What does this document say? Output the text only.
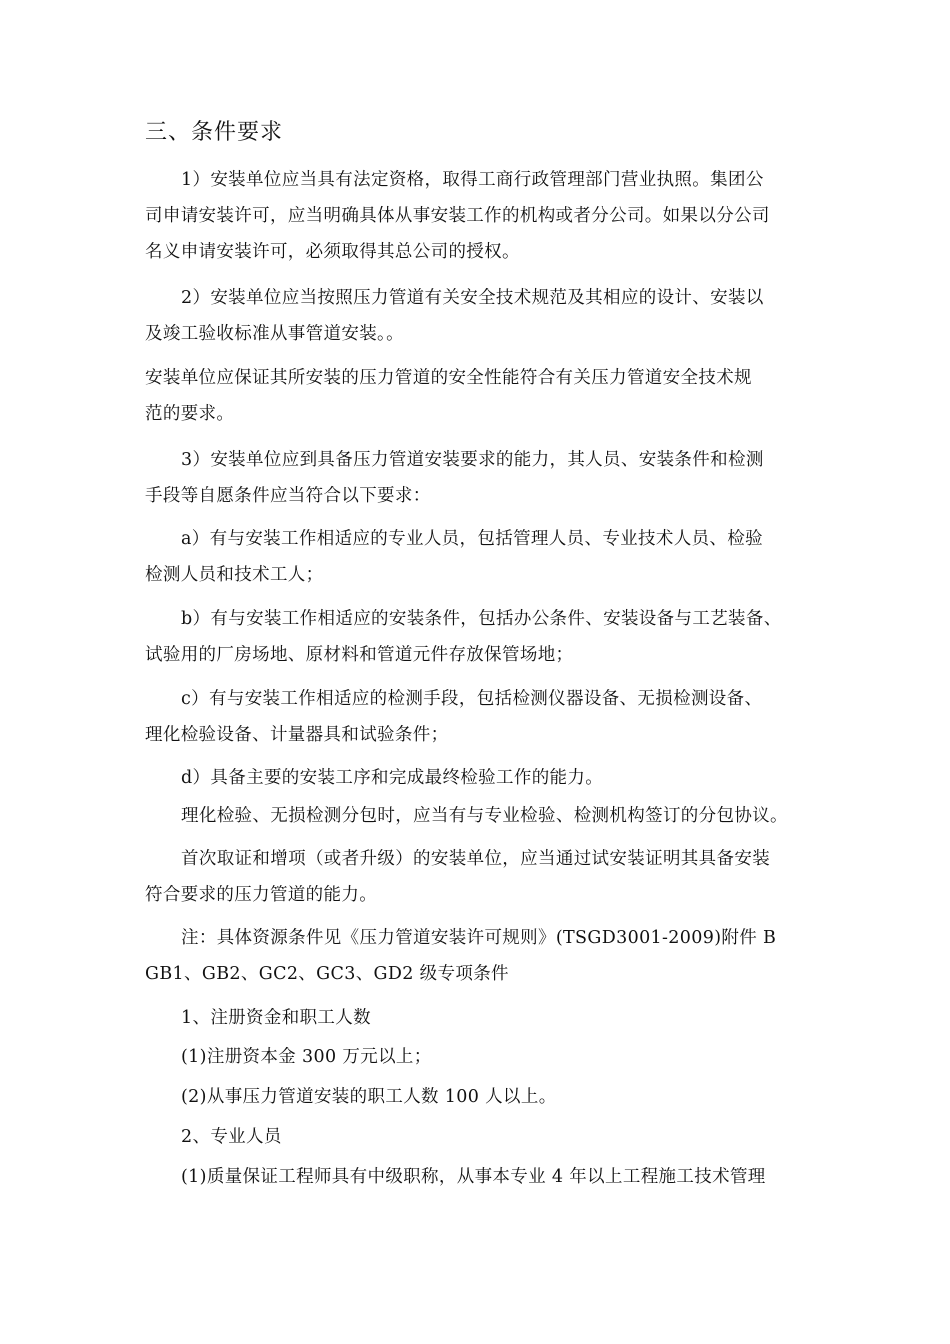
三、条件要求
1）安装单位应当具有法定资格，取得工商行政管理部门营业执照。集团公
司申请安装许可，应当明确具体从事安装工作的机构或者分公司。如果以分公司
名义申请安装许可，必须取得其总公司的授权。
2）安装单位应当按照压力管道有关安全技术规范及其相应的设计、安装以
及竣工验收标准从事管道安装。。
安装单位应保证其所安装的压力管道的安全性能符合有关压力管道安全技术规
范的要求。
3）安装单位应到具备压力管道安装要求的能力，其人员、安装条件和检测
手段等自愿条件应当符合以下要求：
a）有与安装工作相适应的专业人员，包括管理人员、专业技术人员、检验
检测人员和技术工人；
b）有与安装工作相适应的安装条件，包括办公条件、安装设备与工艺装备、
试验用的厂房场地、原材料和管道元件存放保管场地；
c）有与安装工作相适应的检测手段，包括检测仪器设备、无损检测设备、
理化检验设备、计量器具和试验条件；
d）具备主要的安装工序和完成最终检验工作的能力。
理化检验、无损检测分包时，应当有与专业检验、检测机构签订的分包协议。
首次取证和增项（或者升级）的安装单位，应当通过试安装证明其具备安装
符合要求的压力管道的能力。
注：具体资源条件见《压力管道安装许可规则》(TSGD3001-2009)附件 B
GB1、GB2、GC2、GC3、GD2 级专项条件
1、注册资金和职工人数
(1)注册资本金 300 万元以上；
(2)从事压力管道安装的职工人数 100 人以上。
2、专业人员
(1)质量保证工程师具有中级职称，从事本专业 4 年以上工程施工技术管理
